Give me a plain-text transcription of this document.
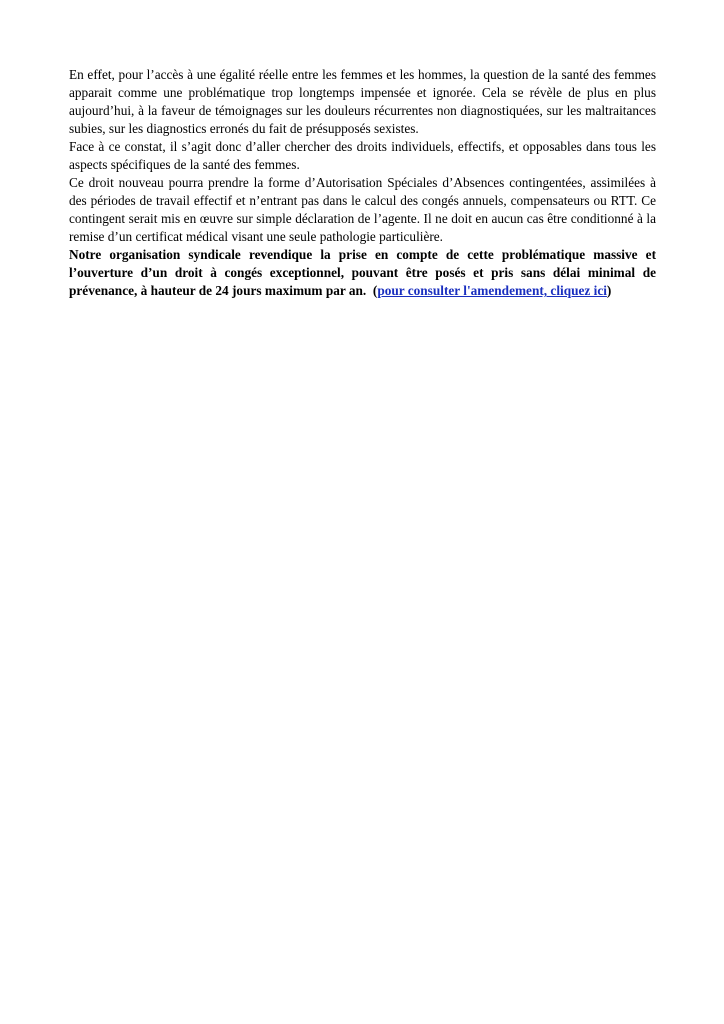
En effet, pour l’accès à une égalité réelle entre les femmes et les hommes, la question de la santé des femmes apparait comme une problématique trop longtemps impensée et ignorée. Cela se révèle de plus en plus aujourd’hui, à la faveur de témoignages sur les douleurs récurrentes non diagnostiquées, sur les maltraitances subies, sur les diagnostics erronés du fait de présupposés sexistes.

Face à ce constat, il s’agit donc d’aller chercher des droits individuels, effectifs, et opposables dans tous les aspects spécifiques de la santé des femmes.

Ce droit nouveau pourra prendre la forme d’Autorisation Spéciales d’Absences contingentées, assimilées à des périodes de travail effectif et n’entrant pas dans le calcul des congés annuels, compensateurs ou RTT. Ce contingent serait mis en œuvre sur simple déclaration de l’agente. Il ne doit en aucun cas être conditionné à la remise d’un certificat médical visant une seule pathologie particulière.

Notre organisation syndicale revendique la prise en compte de cette problématique massive et l’ouverture d’un droit à congés exceptionnel, pouvant être posés et pris sans délai minimal de prévenance, à hauteur de 24 jours maximum par an. (pour consulter l'amendement, cliquez ici)
